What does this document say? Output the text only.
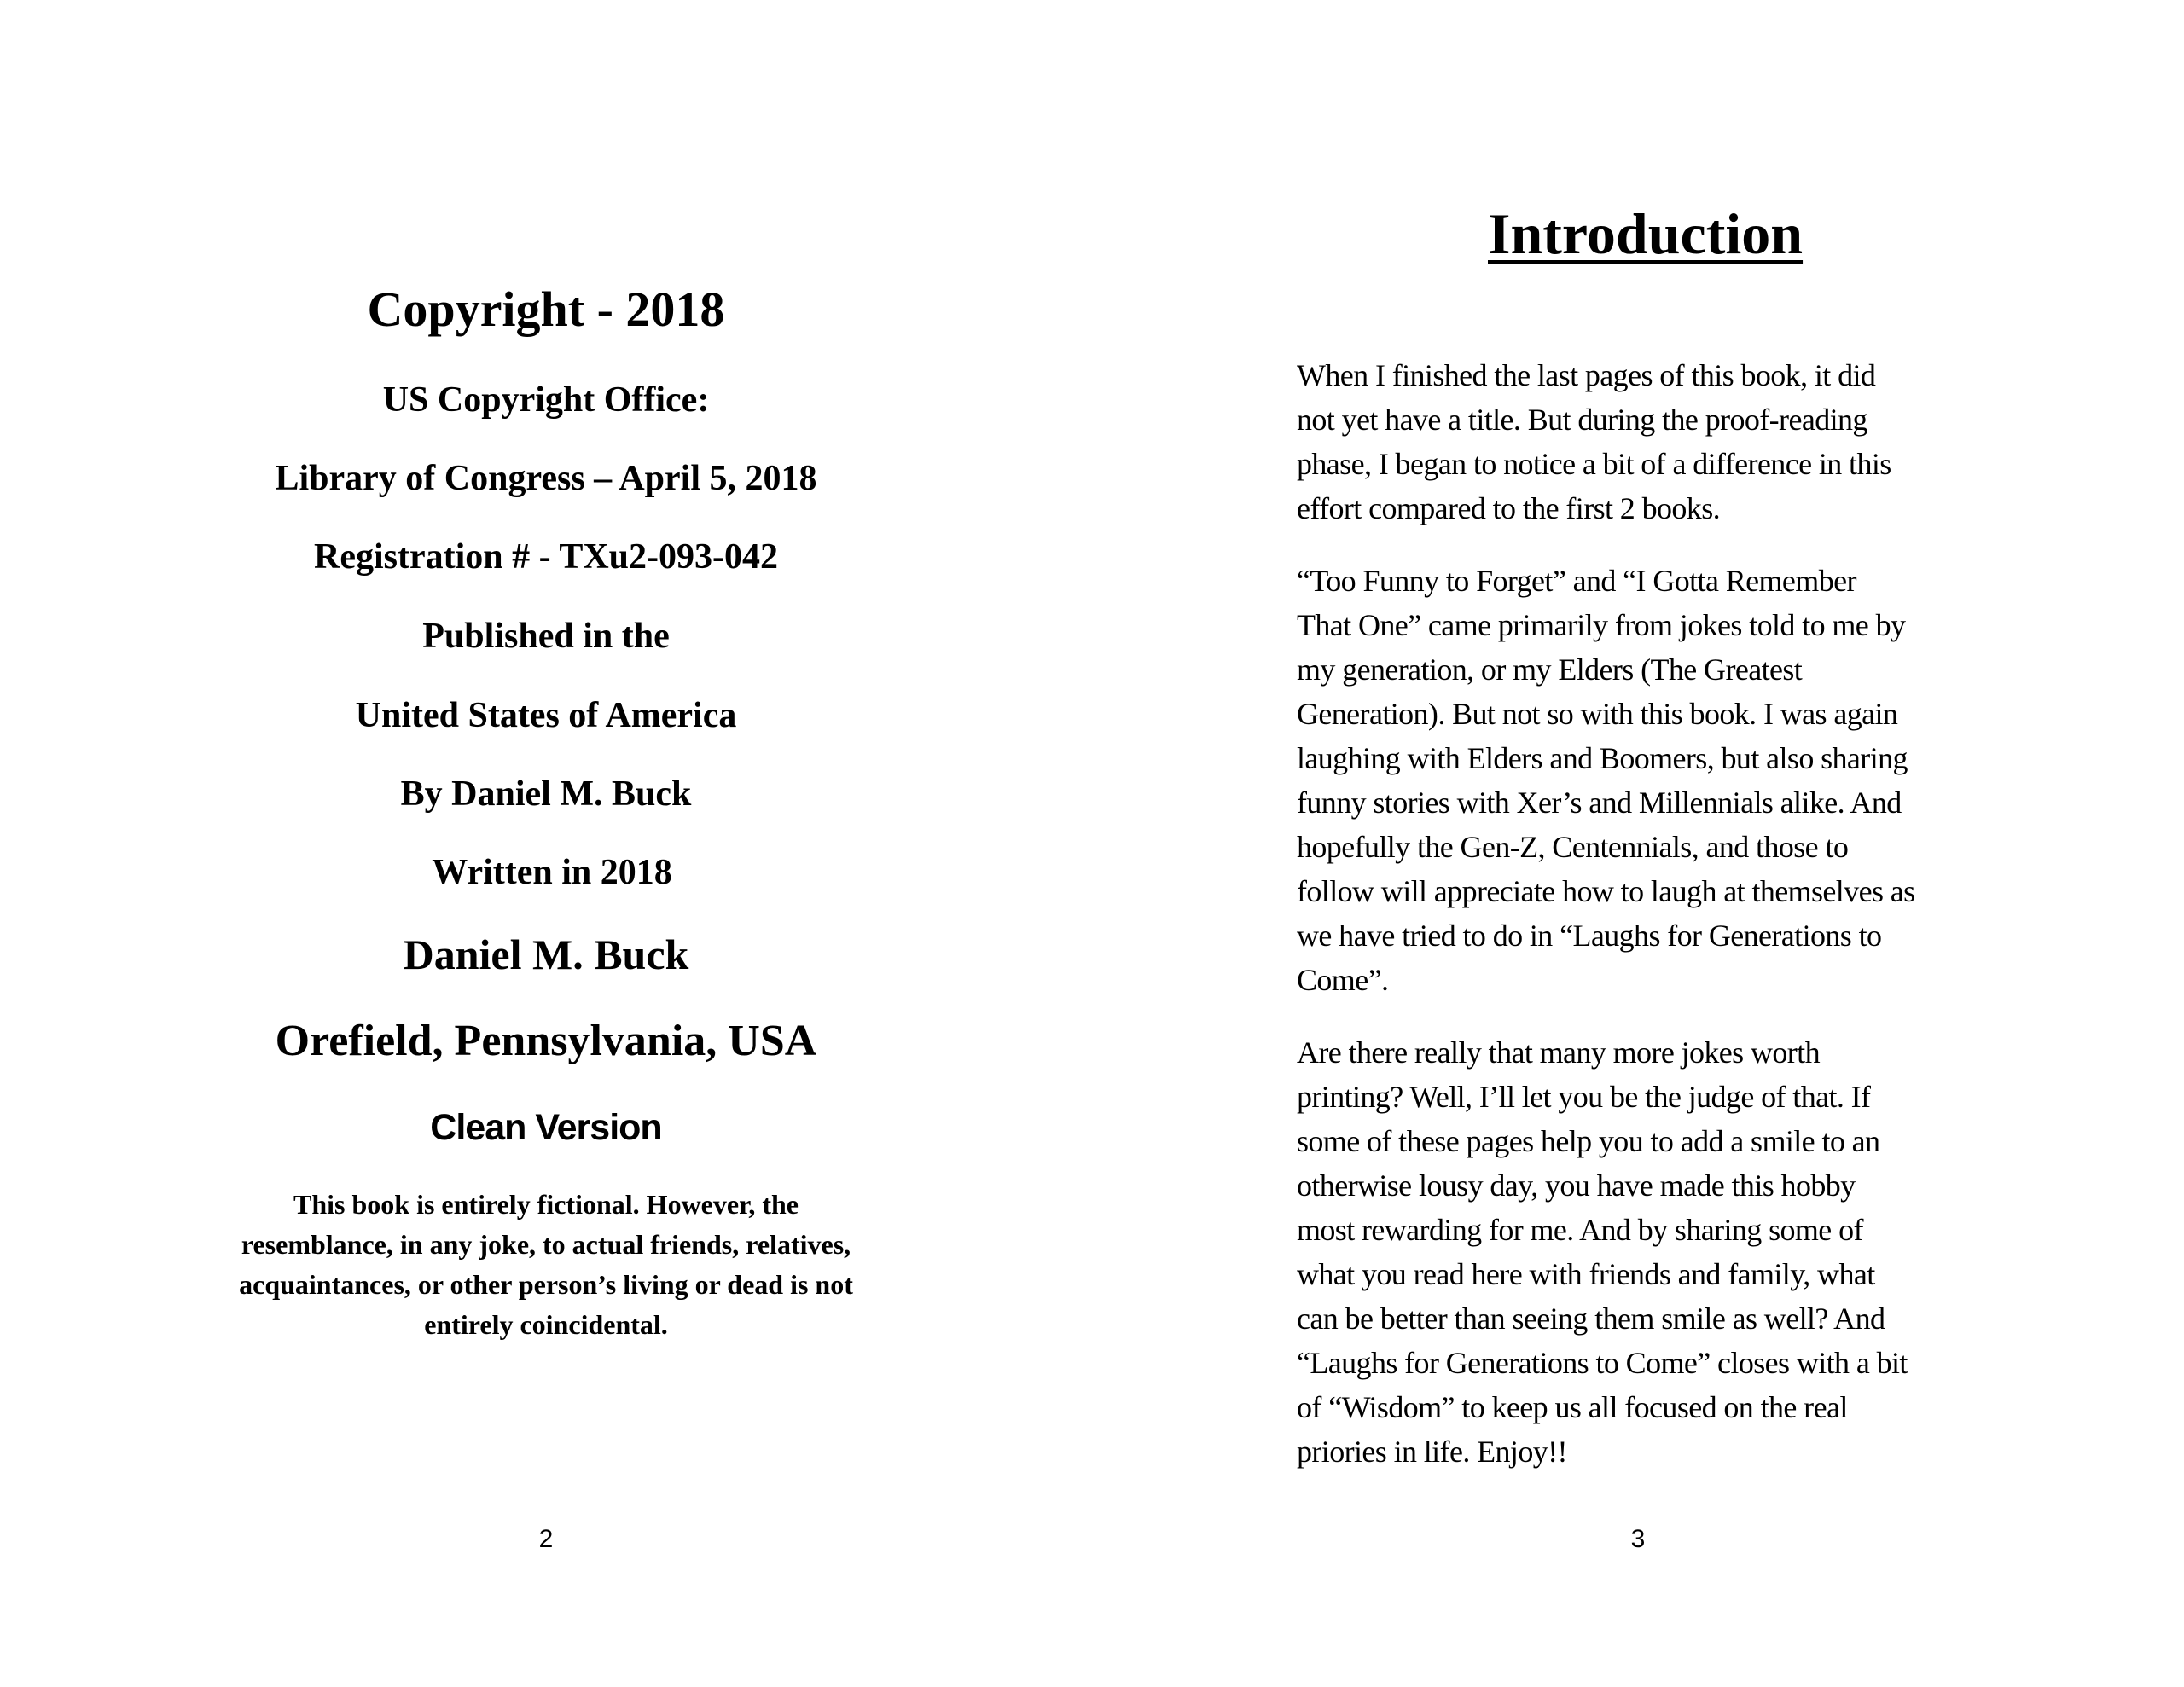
Copyright - 2018
US Copyright Office:
Library of Congress – April 5, 2018
Registration # - TXu2-093-042
Published in the
United States of America
By Daniel M. Buck
Written in 2018
Daniel M. Buck
Orefield, Pennsylvania, USA
Clean Version

This book is entirely fictional. However, the

resemblance, in any joke, to actual friends, relatives,

acquaintances, or other person’s living or dead is not

entirely coincidental.

2
Introduction

When I finished the last pages of this book, it did
not yet have a title. But during the proof-reading
phase, I began to notice a bit of a difference in this
effort compared to the first 2 books.

“Too Funny to Forget” and “I Gotta Remember
That One” came primarily from jokes told to me by
my generation, or my Elders (The Greatest
Generation). But not so with this book. I was again
laughing with Elders and Boomers, but also sharing
funny stories with Xer’s and Millennials alike. And
hopefully the Gen-Z, Centennials, and those to
follow will appreciate how to laugh at themselves as
we have tried to do in “Laughs for Generations to
Come”.

Are there really that many more jokes worth
printing? Well, I’ll let you be the judge of that. If
some of these pages help you to add a smile to an
otherwise lousy day, you have made this hobby
most rewarding for me. And by sharing some of
what you read here with friends and family, what
can be better than seeing them smile as well? And
“Laughs for Generations to Come” closes with a bit
of “Wisdom” to keep us all focused on the real
priories in life. Enjoy!!

3
